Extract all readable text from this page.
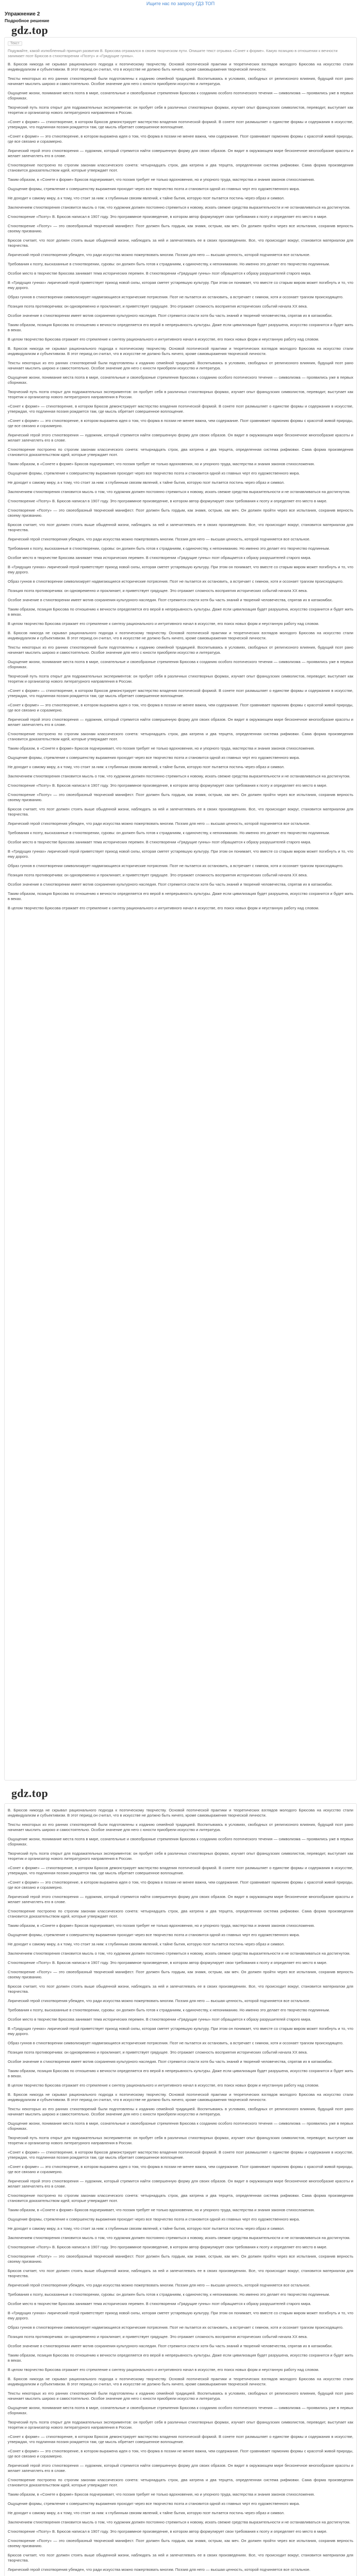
Ищите нас по запросу ГДЗ ТОП
Упражнение 2
Подробное решение
gdz.top
Текст
Подумайте, какой излюбленный принцип развития В. Брюсова отражался в своем творческом пути. Опишите текст отрывка «Сонет к форме». Какую позицию в отношении к вечности занимает поэт Брюсов в стихотворении «Поэту» и «Грядущие гунны».

В. Брюсов никогда не скрывал рационального подхода к поэтическому творчеству. Основой поэтической практики и теоретических взглядов молодого Брюсова на искусство стали индивидуализм и субъективизм. В этот период он считал, что в искусстве не должно быть ничего, кроме самовыражения творческой личности.

Тексты некоторых из его ранних стихотворений были подготовлены к изданию семейной традицией. Воспитываясь в условиях, свободных от религиозного влияния, будущий поэт рано начинает мыслить широко и самостоятельно. Особое значение для него с юности приобрели искусство и литература.

Ощущение жизни, понимание места поэта в мире, сознательные и своеобразные стремления Брюсова к созданию особого поэтического течения — символизма — проявились уже в первых сборниках.

Творческий путь поэта открыт для подражательных экспериментов: он пробует себя в различных стихотворных формах, изучает опыт французских символистов, переводит, выступает как теоретик и организатор нового литературного направления в России.

«Сонет к форме» — стихотворение, в котором Брюсов демонстрирует мастерство владения поэтической формой. В сонете поэт размышляет о единстве формы и содержания в искусстве, утверждая, что подлинная поэзия рождается там, где мысль обретает совершенное воплощение.

«Сонет к форме» — это стихотворение, в котором выражена идея о том, что форма в поэзии не менее важна, чем содержание. Поэт сравнивает гармонию формы с красотой живой природы, где все связано и соразмерно.

Лирический герой этого стихотворения — художник, который стремится найти совершенную форму для своих образов. Он видит в окружающем мире бесконечное многообразие красоты и желает запечатлеть его в слове.

Стихотворение построено по строгим законам классического сонета: четырнадцать строк, два катрена и два терцета, определенная система рифмовки. Сама форма произведения становится доказательством идей, которые утверждает поэт.

Таким образом, в «Сонете к форме» Брюсов подчеркивает, что поэзия требует не только вдохновения, но и упорного труда, мастерства и знания законов стихосложения.

Ощущение формы, стремление к совершенству выражения проходит через все творчество поэта и становится одной из главных черт его художественного мира.

Не доходит к самому миру, а к тому, что стоит за ним: к глубинным связям явлений, к тайне бытия, которую поэт пытается постичь через образ и символ.

Заключением стихотворения становится мысль о том, что художник должен постоянно стремиться к новому, искать свежие средства выразительности и не останавливаться на достигнутом.

Стихотворение «Поэту» В. Брюсов написал в 1907 году. Это программное произведение, в котором автор формулирует свои требования к поэту и определяет его место в мире.

Стихотворение «Поэту» — это своеобразный творческий манифест. Поэт должен быть гордым, как знамя, острым, как меч. Он должен пройти через все испытания, сохранив верность своему призванию.

Брюсов считает, что поэт должен стоять выше обыденной жизни, наблюдать за ней и запечатлевать ее в своих произведениях. Все, что происходит вокруг, становится материалом для творчества.

Лирический герой стихотворения убежден, что ради искусства можно пожертвовать многим. Поэзия для него — высшая ценность, которой подчиняется все остальное.

Требования к поэту, высказанные в стихотворении, суровы: он должен быть готов к страданиям, к одиночеству, к непониманию. Но именно это делает его творчество подлинным.

Особое место в творчестве Брюсова занимает тема исторических перемен. В стихотворении «Грядущие гунны» поэт обращается к образу разрушителей старого мира.

В «Грядущих гуннах» лирический герой приветствует приход новой силы, которая сметет устаревшую культуру. При этом он понимает, что вместе со старым миром может погибнуть и то, что ему дорого.

Образ гуннов в стихотворении символизирует надвигающиеся исторические потрясения. Поэт не пытается их остановить, а встречает с гимном, хотя и осознает трагизм происходящего.

Позиция поэта противоречива: он одновременно и проклинает, и приветствует грядущее. Это отражает сложность восприятия исторических событий начала XX века.

Особое значение в стихотворении имеет мотив сохранения культурного наследия. Поэт стремится спасти хотя бы часть знаний и творений человечества, спрятав их в катакомбах.

Таким образом, позиция Брюсова по отношению к вечности определяется его верой в непрерывность культуры. Даже если цивилизация будет разрушена, искусство сохранится и будет жить в веках.

В целом творчество Брюсова отражает его стремление к синтезу рационального и интуитивного начал в искусстве, его поиск новых форм и неустанную работу над словом.

В. Брюсов никогда не скрывал рационального подхода к поэтическому творчеству. Основой поэтической практики и теоретических взглядов молодого Брюсова на искусство стали индивидуализм и субъективизм. В этот период он считал, что в искусстве не должно быть ничего, кроме самовыражения творческой личности.

Тексты некоторых из его ранних стихотворений были подготовлены к изданию семейной традицией. Воспитываясь в условиях, свободных от религиозного влияния, будущий поэт рано начинает мыслить широко и самостоятельно. Особое значение для него с юности приобрели искусство и литература.

Ощущение жизни, понимание места поэта в мире, сознательные и своеобразные стремления Брюсова к созданию особого поэтического течения — символизма — проявились уже в первых сборниках.

Творческий путь поэта открыт для подражательных экспериментов: он пробует себя в различных стихотворных формах, изучает опыт французских символистов, переводит, выступает как теоретик и организатор нового литературного направления в России.

«Сонет к форме» — стихотворение, в котором Брюсов демонстрирует мастерство владения поэтической формой. В сонете поэт размышляет о единстве формы и содержания в искусстве, утверждая, что подлинная поэзия рождается там, где мысль обретает совершенное воплощение.

«Сонет к форме» — это стихотворение, в котором выражена идея о том, что форма в поэзии не менее важна, чем содержание. Поэт сравнивает гармонию формы с красотой живой природы, где все связано и соразмерно.

Лирический герой этого стихотворения — художник, который стремится найти совершенную форму для своих образов. Он видит в окружающем мире бесконечное многообразие красоты и желает запечатлеть его в слове.

Стихотворение построено по строгим законам классического сонета: четырнадцать строк, два катрена и два терцета, определенная система рифмовки. Сама форма произведения становится доказательством идей, которые утверждает поэт.

Таким образом, в «Сонете к форме» Брюсов подчеркивает, что поэзия требует не только вдохновения, но и упорного труда, мастерства и знания законов стихосложения.

Ощущение формы, стремление к совершенству выражения проходит через все творчество поэта и становится одной из главных черт его художественного мира.

Не доходит к самому миру, а к тому, что стоит за ним: к глубинным связям явлений, к тайне бытия, которую поэт пытается постичь через образ и символ.

Заключением стихотворения становится мысль о том, что художник должен постоянно стремиться к новому, искать свежие средства выразительности и не останавливаться на достигнутом.

Стихотворение «Поэту» В. Брюсов написал в 1907 году. Это программное произведение, в котором автор формулирует свои требования к поэту и определяет его место в мире.

Стихотворение «Поэту» — это своеобразный творческий манифест. Поэт должен быть гордым, как знамя, острым, как меч. Он должен пройти через все испытания, сохранив верность своему призванию.

Брюсов считает, что поэт должен стоять выше обыденной жизни, наблюдать за ней и запечатлевать ее в своих произведениях. Все, что происходит вокруг, становится материалом для творчества.

Лирический герой стихотворения убежден, что ради искусства можно пожертвовать многим. Поэзия для него — высшая ценность, которой подчиняется все остальное.

Требования к поэту, высказанные в стихотворении, суровы: он должен быть готов к страданиям, к одиночеству, к непониманию. Но именно это делает его творчество подлинным.

Особое место в творчестве Брюсова занимает тема исторических перемен. В стихотворении «Грядущие гунны» поэт обращается к образу разрушителей старого мира.

В «Грядущих гуннах» лирический герой приветствует приход новой силы, которая сметет устаревшую культуру. При этом он понимает, что вместе со старым миром может погибнуть и то, что ему дорого.

Образ гуннов в стихотворении символизирует надвигающиеся исторические потрясения. Поэт не пытается их остановить, а встречает с гимном, хотя и осознает трагизм происходящего.

Позиция поэта противоречива: он одновременно и проклинает, и приветствует грядущее. Это отражает сложность восприятия исторических событий начала XX века.

Особое значение в стихотворении имеет мотив сохранения культурного наследия. Поэт стремится спасти хотя бы часть знаний и творений человечества, спрятав их в катакомбах.

Таким образом, позиция Брюсова по отношению к вечности определяется его верой в непрерывность культуры. Даже если цивилизация будет разрушена, искусство сохранится и будет жить в веках.

В целом творчество Брюсова отражает его стремление к синтезу рационального и интуитивного начал в искусстве, его поиск новых форм и неустанную работу над словом.

В. Брюсов никогда не скрывал рационального подхода к поэтическому творчеству. Основой поэтической практики и теоретических взглядов молодого Брюсова на искусство стали индивидуализм и субъективизм. В этот период он считал, что в искусстве не должно быть ничего, кроме самовыражения творческой личности.

Тексты некоторых из его ранних стихотворений были подготовлены к изданию семейной традицией. Воспитываясь в условиях, свободных от религиозного влияния, будущий поэт рано начинает мыслить широко и самостоятельно. Особое значение для него с юности приобрели искусство и литература.

Ощущение жизни, понимание места поэта в мире, сознательные и своеобразные стремления Брюсова к созданию особого поэтического течения — символизма — проявились уже в первых сборниках.

Творческий путь поэта открыт для подражательных экспериментов: он пробует себя в различных стихотворных формах, изучает опыт французских символистов, переводит, выступает как теоретик и организатор нового литературного направления в России.

«Сонет к форме» — стихотворение, в котором Брюсов демонстрирует мастерство владения поэтической формой. В сонете поэт размышляет о единстве формы и содержания в искусстве, утверждая, что подлинная поэзия рождается там, где мысль обретает совершенное воплощение.

«Сонет к форме» — это стихотворение, в котором выражена идея о том, что форма в поэзии не менее важна, чем содержание. Поэт сравнивает гармонию формы с красотой живой природы, где все связано и соразмерно.

Лирический герой этого стихотворения — художник, который стремится найти совершенную форму для своих образов. Он видит в окружающем мире бесконечное многообразие красоты и желает запечатлеть его в слове.

Стихотворение построено по строгим законам классического сонета: четырнадцать строк, два катрена и два терцета, определенная система рифмовки. Сама форма произведения становится доказательством идей, которые утверждает поэт.

Таким образом, в «Сонете к форме» Брюсов подчеркивает, что поэзия требует не только вдохновения, но и упорного труда, мастерства и знания законов стихосложения.

Ощущение формы, стремление к совершенству выражения проходит через все творчество поэта и становится одной из главных черт его художественного мира.

Не доходит к самому миру, а к тому, что стоит за ним: к глубинным связям явлений, к тайне бытия, которую поэт пытается постичь через образ и символ.

Заключением стихотворения становится мысль о том, что художник должен постоянно стремиться к новому, искать свежие средства выразительности и не останавливаться на достигнутом.

Стихотворение «Поэту» В. Брюсов написал в 1907 году. Это программное произведение, в котором автор формулирует свои требования к поэту и определяет его место в мире.

Стихотворение «Поэту» — это своеобразный творческий манифест. Поэт должен быть гордым, как знамя, острым, как меч. Он должен пройти через все испытания, сохранив верность своему призванию.

Брюсов считает, что поэт должен стоять выше обыденной жизни, наблюдать за ней и запечатлевать ее в своих произведениях. Все, что происходит вокруг, становится материалом для творчества.

Лирический герой стихотворения убежден, что ради искусства можно пожертвовать многим. Поэзия для него — высшая ценность, которой подчиняется все остальное.

Требования к поэту, высказанные в стихотворении, суровы: он должен быть готов к страданиям, к одиночеству, к непониманию. Но именно это делает его творчество подлинным.

Особое место в творчестве Брюсова занимает тема исторических перемен. В стихотворении «Грядущие гунны» поэт обращается к образу разрушителей старого мира.

В «Грядущих гуннах» лирический герой приветствует приход новой силы, которая сметет устаревшую культуру. При этом он понимает, что вместе со старым миром может погибнуть и то, что ему дорого.

Образ гуннов в стихотворении символизирует надвигающиеся исторические потрясения. Поэт не пытается их остановить, а встречает с гимном, хотя и осознает трагизм происходящего.

Позиция поэта противоречива: он одновременно и проклинает, и приветствует грядущее. Это отражает сложность восприятия исторических событий начала XX века.

Особое значение в стихотворении имеет мотив сохранения культурного наследия. Поэт стремится спасти хотя бы часть знаний и творений человечества, спрятав их в катакомбах.

Таким образом, позиция Брюсова по отношению к вечности определяется его верой в непрерывность культуры. Даже если цивилизация будет разрушена, искусство сохранится и будет жить в веках.

В целом творчество Брюсова отражает его стремление к синтезу рационального и интуитивного начал в искусстве, его поиск новых форм и неустанную работу над словом.

gdz.top

В. Брюсов никогда не скрывал рационального подхода к поэтическому творчеству. Основой поэтической практики и теоретических взглядов молодого Брюсова на искусство стали индивидуализм и субъективизм. В этот период он считал, что в искусстве не должно быть ничего, кроме самовыражения творческой личности.

Тексты некоторых из его ранних стихотворений были подготовлены к изданию семейной традицией. Воспитываясь в условиях, свободных от религиозного влияния, будущий поэт рано начинает мыслить широко и самостоятельно. Особое значение для него с юности приобрели искусство и литература.

Ощущение жизни, понимание места поэта в мире, сознательные и своеобразные стремления Брюсова к созданию особого поэтического течения — символизма — проявились уже в первых сборниках.

Творческий путь поэта открыт для подражательных экспериментов: он пробует себя в различных стихотворных формах, изучает опыт французских символистов, переводит, выступает как теоретик и организатор нового литературного направления в России.

«Сонет к форме» — стихотворение, в котором Брюсов демонстрирует мастерство владения поэтической формой. В сонете поэт размышляет о единстве формы и содержания в искусстве, утверждая, что подлинная поэзия рождается там, где мысль обретает совершенное воплощение.

«Сонет к форме» — это стихотворение, в котором выражена идея о том, что форма в поэзии не менее важна, чем содержание. Поэт сравнивает гармонию формы с красотой живой природы, где все связано и соразмерно.

Лирический герой этого стихотворения — художник, который стремится найти совершенную форму для своих образов. Он видит в окружающем мире бесконечное многообразие красоты и желает запечатлеть его в слове.

Стихотворение построено по строгим законам классического сонета: четырнадцать строк, два катрена и два терцета, определенная система рифмовки. Сама форма произведения становится доказательством идей, которые утверждает поэт.

Таким образом, в «Сонете к форме» Брюсов подчеркивает, что поэзия требует не только вдохновения, но и упорного труда, мастерства и знания законов стихосложения.

Ощущение формы, стремление к совершенству выражения проходит через все творчество поэта и становится одной из главных черт его художественного мира.

Не доходит к самому миру, а к тому, что стоит за ним: к глубинным связям явлений, к тайне бытия, которую поэт пытается постичь через образ и символ.

Заключением стихотворения становится мысль о том, что художник должен постоянно стремиться к новому, искать свежие средства выразительности и не останавливаться на достигнутом.

Стихотворение «Поэту» В. Брюсов написал в 1907 году. Это программное произведение, в котором автор формулирует свои требования к поэту и определяет его место в мире.

Стихотворение «Поэту» — это своеобразный творческий манифест. Поэт должен быть гордым, как знамя, острым, как меч. Он должен пройти через все испытания, сохранив верность своему призванию.

Брюсов считает, что поэт должен стоять выше обыденной жизни, наблюдать за ней и запечатлевать ее в своих произведениях. Все, что происходит вокруг, становится материалом для творчества.

Лирический герой стихотворения убежден, что ради искусства можно пожертвовать многим. Поэзия для него — высшая ценность, которой подчиняется все остальное.

Требования к поэту, высказанные в стихотворении, суровы: он должен быть готов к страданиям, к одиночеству, к непониманию. Но именно это делает его творчество подлинным.

Особое место в творчестве Брюсова занимает тема исторических перемен. В стихотворении «Грядущие гунны» поэт обращается к образу разрушителей старого мира.

В «Грядущих гуннах» лирический герой приветствует приход новой силы, которая сметет устаревшую культуру. При этом он понимает, что вместе со старым миром может погибнуть и то, что ему дорого.

Образ гуннов в стихотворении символизирует надвигающиеся исторические потрясения. Поэт не пытается их остановить, а встречает с гимном, хотя и осознает трагизм происходящего.

Позиция поэта противоречива: он одновременно и проклинает, и приветствует грядущее. Это отражает сложность восприятия исторических событий начала XX века.

Особое значение в стихотворении имеет мотив сохранения культурного наследия. Поэт стремится спасти хотя бы часть знаний и творений человечества, спрятав их в катакомбах.

Таким образом, позиция Брюсова по отношению к вечности определяется его верой в непрерывность культуры. Даже если цивилизация будет разрушена, искусство сохранится и будет жить в веках.

В целом творчество Брюсова отражает его стремление к синтезу рационального и интуитивного начал в искусстве, его поиск новых форм и неустанную работу над словом.

В. Брюсов никогда не скрывал рационального подхода к поэтическому творчеству. Основой поэтической практики и теоретических взглядов молодого Брюсова на искусство стали индивидуализм и субъективизм. В этот период он считал, что в искусстве не должно быть ничего, кроме самовыражения творческой личности.

Тексты некоторых из его ранних стихотворений были подготовлены к изданию семейной традицией. Воспитываясь в условиях, свободных от религиозного влияния, будущий поэт рано начинает мыслить широко и самостоятельно. Особое значение для него с юности приобрели искусство и литература.

Ощущение жизни, понимание места поэта в мире, сознательные и своеобразные стремления Брюсова к созданию особого поэтического течения — символизма — проявились уже в первых сборниках.

Творческий путь поэта открыт для подражательных экспериментов: он пробует себя в различных стихотворных формах, изучает опыт французских символистов, переводит, выступает как теоретик и организатор нового литературного направления в России.

«Сонет к форме» — стихотворение, в котором Брюсов демонстрирует мастерство владения поэтической формой. В сонете поэт размышляет о единстве формы и содержания в искусстве, утверждая, что подлинная поэзия рождается там, где мысль обретает совершенное воплощение.

«Сонет к форме» — это стихотворение, в котором выражена идея о том, что форма в поэзии не менее важна, чем содержание. Поэт сравнивает гармонию формы с красотой живой природы, где все связано и соразмерно.

Лирический герой этого стихотворения — художник, который стремится найти совершенную форму для своих образов. Он видит в окружающем мире бесконечное многообразие красоты и желает запечатлеть его в слове.

Стихотворение построено по строгим законам классического сонета: четырнадцать строк, два катрена и два терцета, определенная система рифмовки. Сама форма произведения становится доказательством идей, которые утверждает поэт.

Таким образом, в «Сонете к форме» Брюсов подчеркивает, что поэзия требует не только вдохновения, но и упорного труда, мастерства и знания законов стихосложения.

Ощущение формы, стремление к совершенству выражения проходит через все творчество поэта и становится одной из главных черт его художественного мира.

Не доходит к самому миру, а к тому, что стоит за ним: к глубинным связям явлений, к тайне бытия, которую поэт пытается постичь через образ и символ.

Заключением стихотворения становится мысль о том, что художник должен постоянно стремиться к новому, искать свежие средства выразительности и не останавливаться на достигнутом.

Стихотворение «Поэту» В. Брюсов написал в 1907 году. Это программное произведение, в котором автор формулирует свои требования к поэту и определяет его место в мире.

Стихотворение «Поэту» — это своеобразный творческий манифест. Поэт должен быть гордым, как знамя, острым, как меч. Он должен пройти через все испытания, сохранив верность своему призванию.

Брюсов считает, что поэт должен стоять выше обыденной жизни, наблюдать за ней и запечатлевать ее в своих произведениях. Все, что происходит вокруг, становится материалом для творчества.

Лирический герой стихотворения убежден, что ради искусства можно пожертвовать многим. Поэзия для него — высшая ценность, которой подчиняется все остальное.

Требования к поэту, высказанные в стихотворении, суровы: он должен быть готов к страданиям, к одиночеству, к непониманию. Но именно это делает его творчество подлинным.

Особое место в творчестве Брюсова занимает тема исторических перемен. В стихотворении «Грядущие гунны» поэт обращается к образу разрушителей старого мира.

В «Грядущих гуннах» лирический герой приветствует приход новой силы, которая сметет устаревшую культуру. При этом он понимает, что вместе со старым миром может погибнуть и то, что ему дорого.

Образ гуннов в стихотворении символизирует надвигающиеся исторические потрясения. Поэт не пытается их остановить, а встречает с гимном, хотя и осознает трагизм происходящего.

Позиция поэта противоречива: он одновременно и проклинает, и приветствует грядущее. Это отражает сложность восприятия исторических событий начала XX века.

Особое значение в стихотворении имеет мотив сохранения культурного наследия. Поэт стремится спасти хотя бы часть знаний и творений человечества, спрятав их в катакомбах.

Таким образом, позиция Брюсова по отношению к вечности определяется его верой в непрерывность культуры. Даже если цивилизация будет разрушена, искусство сохранится и будет жить в веках.

В целом творчество Брюсова отражает его стремление к синтезу рационального и интуитивного начал в искусстве, его поиск новых форм и неустанную работу над словом.

В. Брюсов никогда не скрывал рационального подхода к поэтическому творчеству. Основой поэтической практики и теоретических взглядов молодого Брюсова на искусство стали индивидуализм и субъективизм. В этот период он считал, что в искусстве не должно быть ничего, кроме самовыражения творческой личности.

Тексты некоторых из его ранних стихотворений были подготовлены к изданию семейной традицией. Воспитываясь в условиях, свободных от религиозного влияния, будущий поэт рано начинает мыслить широко и самостоятельно. Особое значение для него с юности приобрели искусство и литература.

Ощущение жизни, понимание места поэта в мире, сознательные и своеобразные стремления Брюсова к созданию особого поэтического течения — символизма — проявились уже в первых сборниках.

Творческий путь поэта открыт для подражательных экспериментов: он пробует себя в различных стихотворных формах, изучает опыт французских символистов, переводит, выступает как теоретик и организатор нового литературного направления в России.

«Сонет к форме» — стихотворение, в котором Брюсов демонстрирует мастерство владения поэтической формой. В сонете поэт размышляет о единстве формы и содержания в искусстве, утверждая, что подлинная поэзия рождается там, где мысль обретает совершенное воплощение.

«Сонет к форме» — это стихотворение, в котором выражена идея о том, что форма в поэзии не менее важна, чем содержание. Поэт сравнивает гармонию формы с красотой живой природы, где все связано и соразмерно.

Лирический герой этого стихотворения — художник, который стремится найти совершенную форму для своих образов. Он видит в окружающем мире бесконечное многообразие красоты и желает запечатлеть его в слове.

Стихотворение построено по строгим законам классического сонета: четырнадцать строк, два катрена и два терцета, определенная система рифмовки. Сама форма произведения становится доказательством идей, которые утверждает поэт.

Таким образом, в «Сонете к форме» Брюсов подчеркивает, что поэзия требует не только вдохновения, но и упорного труда, мастерства и знания законов стихосложения.

Ощущение формы, стремление к совершенству выражения проходит через все творчество поэта и становится одной из главных черт его художественного мира.

Не доходит к самому миру, а к тому, что стоит за ним: к глубинным связям явлений, к тайне бытия, которую поэт пытается постичь через образ и символ.

Заключением стихотворения становится мысль о том, что художник должен постоянно стремиться к новому, искать свежие средства выразительности и не останавливаться на достигнутом.

Стихотворение «Поэту» В. Брюсов написал в 1907 году. Это программное произведение, в котором автор формулирует свои требования к поэту и определяет его место в мире.

Стихотворение «Поэту» — это своеобразный творческий манифест. Поэт должен быть гордым, как знамя, острым, как меч. Он должен пройти через все испытания, сохранив верность своему призванию.

Брюсов считает, что поэт должен стоять выше обыденной жизни, наблюдать за ней и запечатлевать ее в своих произведениях. Все, что происходит вокруг, становится материалом для творчества.

Лирический герой стихотворения убежден, что ради искусства можно пожертвовать многим. Поэзия для него — высшая ценность, которой подчиняется все остальное.
